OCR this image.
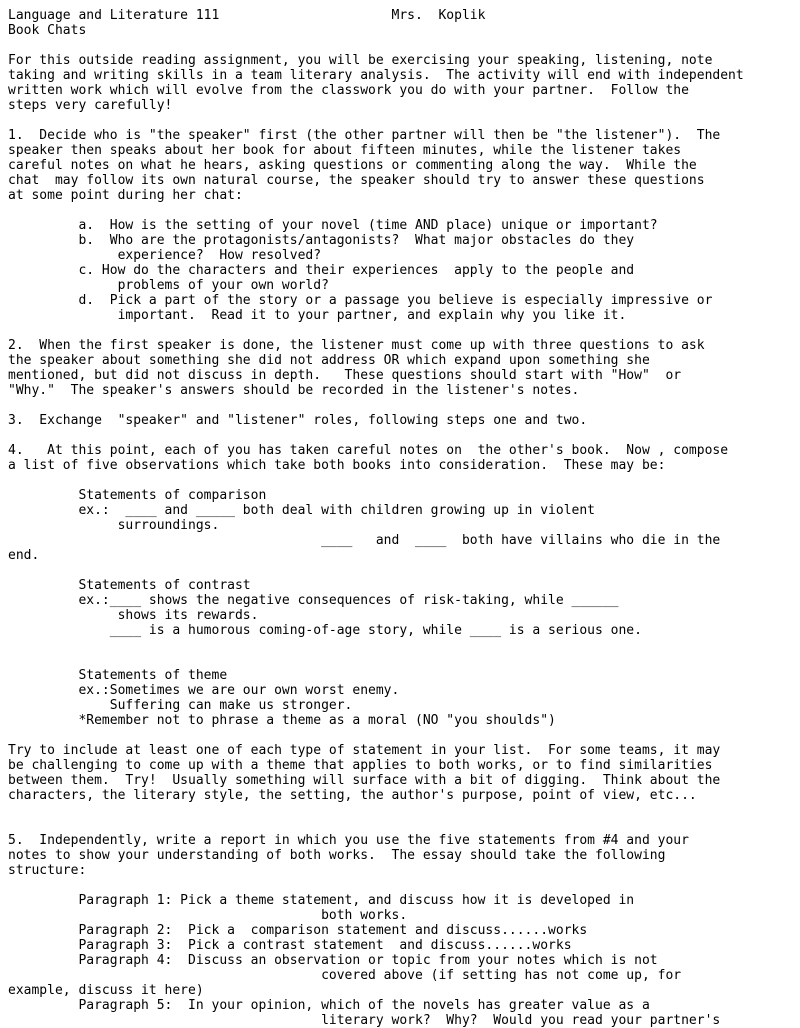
Language and Literature 111                      Mrs.  Koplik
Book Chats
For this outside reading assignment, you will be exercising your speaking, listening, note
taking and writing skills in a team literary analysis.  The activity will end with independent
written work which will evolve from the classwork you do with your partner.  Follow the
steps very carefully!
1.  Decide who is "the speaker" first (the other partner will then be "the listener").  The
speaker then speaks about her book for about fifteen minutes, while the listener takes
careful notes on what he hears, asking questions or commenting along the way.  While the
chat  may follow its own natural course, the speaker should try to answer these questions
at some point during her chat:
a.  How is the setting of your novel (time AND place) unique or important?
b.  Who are the protagonists/antagonists?  What major obstacles do they
experience?  How resolved?
c. How do the characters and their experiences  apply to the people and
problems of your own world?
d.  Pick a part of the story or a passage you believe is especially impressive or
important.  Read it to your partner, and explain why you like it.
2.  When the first speaker is done, the listener must come up with three questions to ask
the speaker about something she did not address OR which expand upon something she
mentioned, but did not discuss in depth.   These questions should start with "How"  or
"Why."  The speaker's answers should be recorded in the listener's notes.
3.  Exchange  "speaker" and "listener" roles, following steps one and two.
4.   At this point, each of you has taken careful notes on  the other's book.  Now , compose
a list of five observations which take both books into consideration.  These may be:
Statements of comparison
ex.:  ____ and _____ both deal with children growing up in violent
surroundings.
____   and  ____  both have villains who die in the
end.
Statements of contrast
ex.:____ shows the negative consequences of risk-taking, while ______
shows its rewards.
____ is a humorous coming-of-age story, while ____ is a serious one.
Statements of theme
ex.:Sometimes we are our own worst enemy.
Suffering can make us stronger.
*Remember not to phrase a theme as a moral (NO "you shoulds")
Try to include at least one of each type of statement in your list.  For some teams, it may
be challenging to come up with a theme that applies to both works, or to find similarities
between them.  Try!  Usually something will surface with a bit of digging.  Think about the
characters, the literary style, the setting, the author's purpose, point of view, etc...
5.  Independently, write a report in which you use the five statements from #4 and your
notes to show your understanding of both works.  The essay should take the following
structure:
Paragraph 1: Pick a theme statement, and discuss how it is developed in
both works.
Paragraph 2:  Pick a  comparison statement and discuss......works
Paragraph 3:  Pick a contrast statement  and discuss......works
Paragraph 4:  Discuss an observation or topic from your notes which is not
covered above (if setting has not come up, for
example, discuss it here)
Paragraph 5:  In your opinion, which of the novels has greater value as a
literary work?  Why?  Would you read your partner's
